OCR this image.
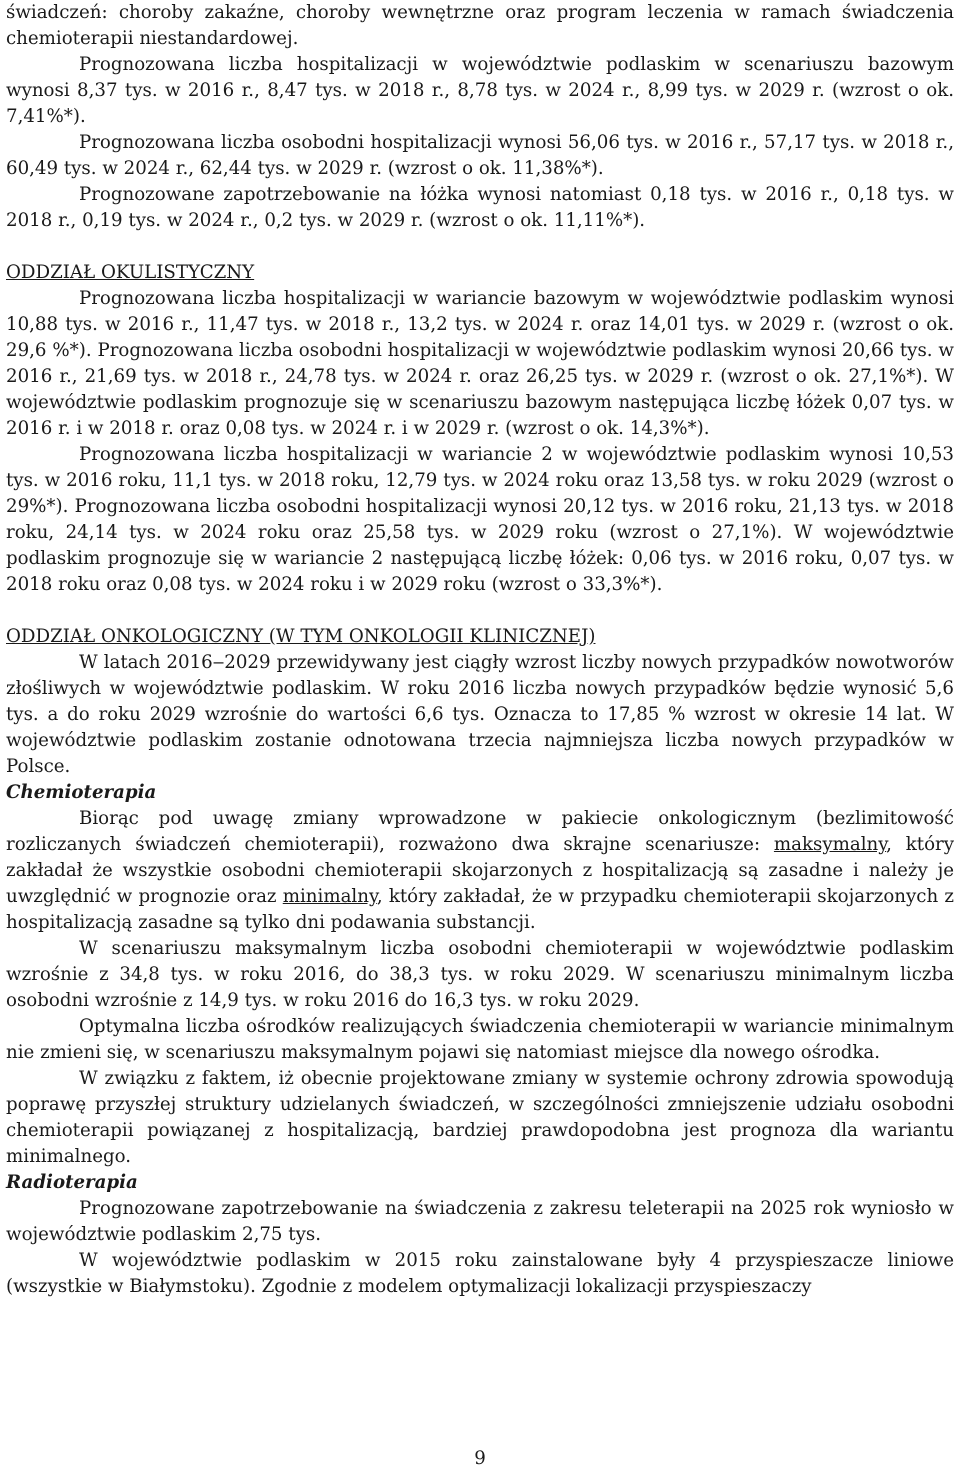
świadczeń: choroby zakaźne, choroby wewnętrzne oraz program leczenia w ramach świadczenia chemioterapii niestandardowej.

Prognozowana liczba hospitalizacji w województwie podlaskim w scenariuszu bazowym wynosi 8,37 tys. w 2016 r., 8,47 tys. w 2018 r., 8,78 tys. w 2024 r., 8,99 tys. w 2029 r. (wzrost o ok. 7,41%*).

Prognozowana liczba osobodni hospitalizacji wynosi 56,06 tys. w 2016 r., 57,17 tys. w 2018 r., 60,49 tys. w 2024 r., 62,44 tys. w 2029 r. (wzrost o ok. 11,38%*).

Prognozowane zapotrzebowanie na łóżka wynosi natomiast 0,18 tys. w 2016 r., 0,18 tys. w 2018 r., 0,19 tys. w 2024 r., 0,2 tys. w 2029 r. (wzrost o ok. 11,11%*).

ODDZIAŁ OKULISTYCZNY

Prognozowana liczba hospitalizacji w wariancie bazowym w województwie podlaskim wynosi 10,88 tys. w 2016 r., 11,47 tys. w 2018 r., 13,2 tys. w 2024 r. oraz 14,01 tys. w 2029 r. (wzrost o ok. 29,6 %*). Prognozowana liczba osobodni hospitalizacji w województwie podlaskim wynosi 20,66 tys. w 2016 r., 21,69 tys. w 2018 r., 24,78 tys. w 2024 r. oraz 26,25 tys. w 2029 r. (wzrost o ok. 27,1%*). W województwie podlaskim prognozuje się w scenariuszu bazowym następująca liczbę łóżek 0,07 tys. w 2016 r. i w 2018 r. oraz 0,08 tys. w 2024 r. i w 2029 r. (wzrost o ok. 14,3%*).

Prognozowana liczba hospitalizacji w wariancie 2 w województwie podlaskim wynosi 10,53 tys. w 2016 roku, 11,1 tys. w 2018 roku, 12,79 tys. w 2024 roku oraz 13,58 tys. w roku 2029 (wzrost o 29%*). Prognozowana liczba osobodni hospitalizacji wynosi 20,12 tys. w 2016 roku, 21,13 tys. w 2018 roku, 24,14 tys. w 2024 roku oraz 25,58 tys. w 2029 roku (wzrost o 27,1%). W województwie podlaskim prognozuje się w wariancie 2 następującą liczbę łóżek: 0,06 tys. w 2016 roku, 0,07 tys. w 2018 roku oraz 0,08 tys. w 2024 roku i w 2029 roku (wzrost o 33,3%*).

ODDZIAŁ ONKOLOGICZNY (W TYM ONKOLOGII KLINICZNEJ)

W latach 2016‒2029 przewidywany jest ciągły wzrost liczby nowych przypadków nowotworów złośliwych w województwie podlaskim. W roku 2016 liczba nowych przypadków będzie wynosić 5,6 tys. a do roku 2029 wzrośnie do wartości 6,6 tys. Oznacza to 17,85 % wzrost w okresie 14 lat. W województwie podlaskim zostanie odnotowana trzecia najmniejsza liczba nowych przypadków w Polsce.

Chemioterapia

Biorąc pod uwagę zmiany wprowadzone w pakiecie onkologicznym (bezlimitowość rozliczanych świadczeń chemioterapii), rozważono dwa skrajne scenariusze: maksymalny, który zakładał że wszystkie osobodni chemioterapii skojarzonych z hospitalizacją są zasadne i należy je uwzględnić w prognozie oraz minimalny, który zakładał, że w przypadku chemioterapii skojarzonych z hospitalizacją zasadne są tylko dni podawania substancji.

W scenariuszu maksymalnym liczba osobodni chemioterapii w województwie podlaskim wzrośnie z 34,8 tys. w roku 2016, do 38,3 tys. w roku 2029. W scenariuszu minimalnym liczba osobodni wzrośnie z 14,9 tys. w roku 2016 do 16,3 tys. w roku 2029.

Optymalna liczba ośrodków realizujących świadczenia chemioterapii w wariancie minimalnym nie zmieni się, w scenariuszu maksymalnym pojawi się natomiast miejsce dla nowego ośrodka.

W związku z faktem, iż obecnie projektowane zmiany w systemie ochrony zdrowia spowodują poprawę przyszłej struktury udzielanych świadczeń, w szczególności zmniejszenie udziału osobodni chemioterapii powiązanej z hospitalizacją, bardziej prawdopodobna jest prognoza dla wariantu minimalnego.

Radioterapia

Prognozowane zapotrzebowanie na świadczenia z zakresu teleterapii na 2025 rok wyniosło w województwie podlaskim 2,75 tys.

W województwie podlaskim w 2015 roku zainstalowane były 4 przyspieszacze liniowe (wszystkie w Białymstoku). Zgodnie z modelem optymalizacji lokalizacji przyspieszaczy

9
